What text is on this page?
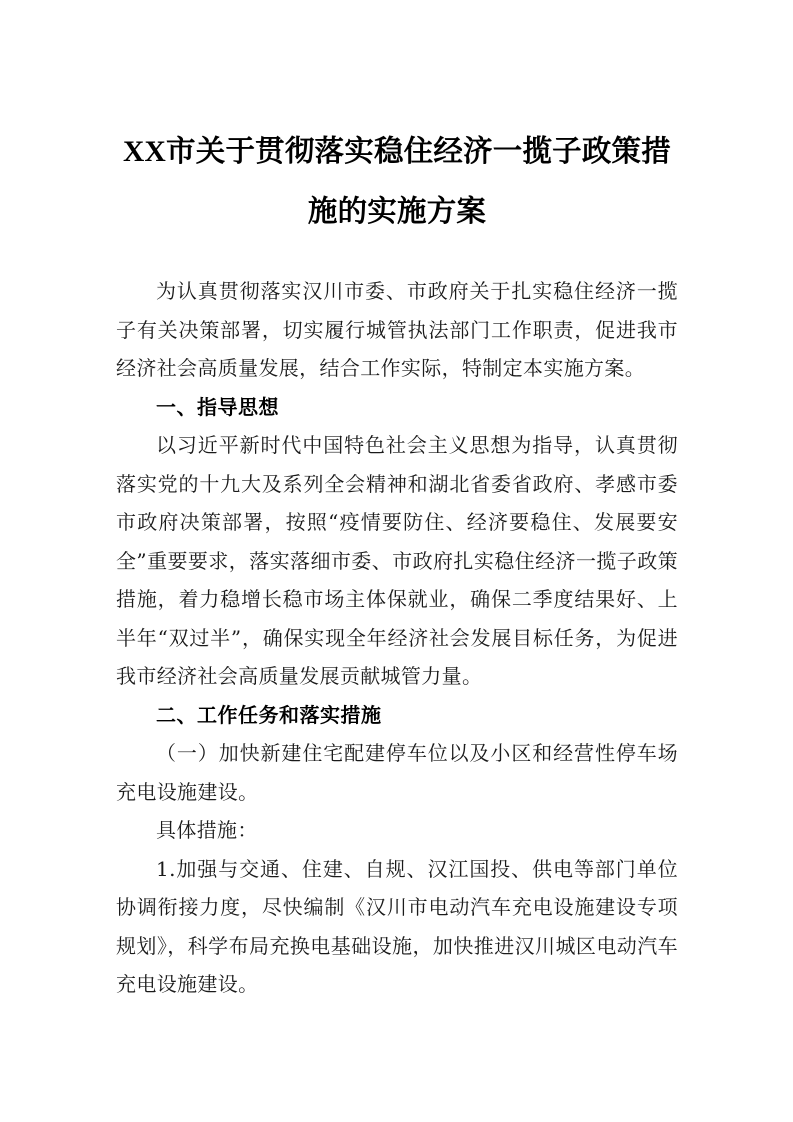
XX市关于贯彻落实稳住经济一揽子政策措
施的实施方案

为认真贯彻落实汉川市委、市政府关于扎实稳住经济一揽子有关决策部署，切实履行城管执法部门工作职责，促进我市经济社会高质量发展，结合工作实际，特制定本实施方案。

一、指导思想

以习近平新时代中国特色社会主义思想为指导，认真贯彻落实党的十九大及系列全会精神和湖北省委省政府、孝感市委市政府决策部署，按照“疫情要防住、经济要稳住、发展要安全”重要要求，落实落细市委、市政府扎实稳住经济一揽子政策措施，着力稳增长稳市场主体保就业，确保二季度结果好、上半年“双过半”，确保实现全年经济社会发展目标任务，为促进我市经济社会高质量发展贡献城管力量。

二、工作任务和落实措施

（一）加快新建住宅配建停车位以及小区和经营性停车场充电设施建设。

具体措施：

1.加强与交通、住建、自规、汉江国投、供电等部门单位协调衔接力度，尽快编制《汉川市电动汽车充电设施建设专项规划》，科学布局充换电基础设施，加快推进汉川城区电动汽车充电设施建设。
